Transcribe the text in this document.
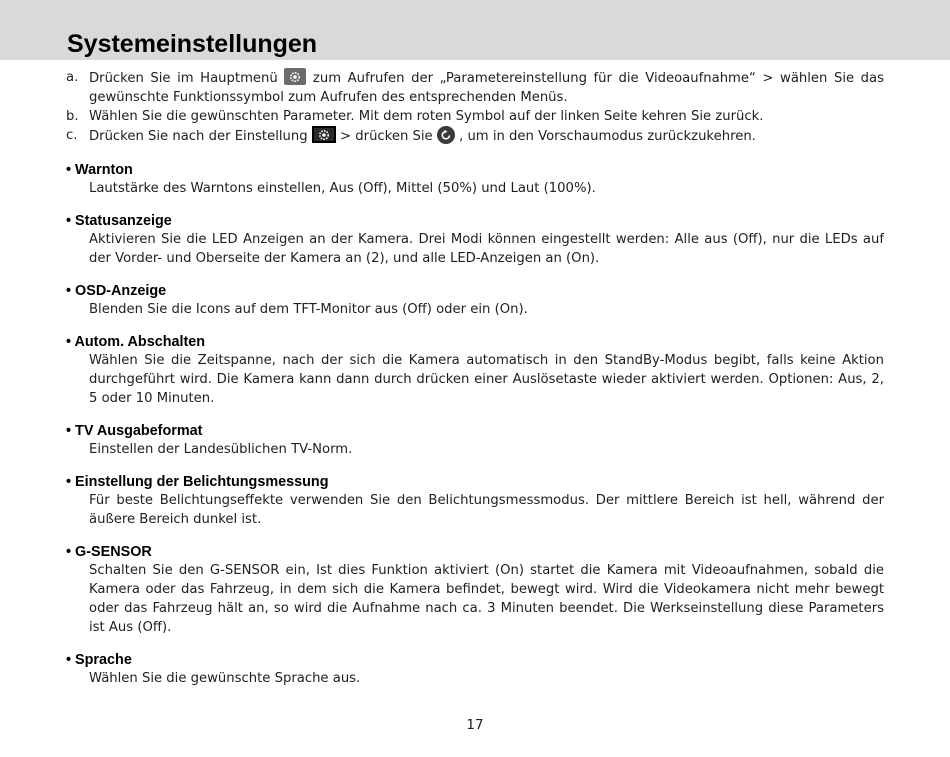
Systemeinstellungen
a. Drücken Sie im Hauptmenü	zum Aufrufen der „Parametereinstellung für die Videoaufnahme“ > wählen Sie das gewünschte Funktionssymbol zum Aufrufen des entsprechenden Menüs.
b. Wählen Sie die gewünschten Parameter. Mit dem roten Symbol auf der linken Seite kehren Sie zurück.
c. Drücken Sie nach der Einstellung > drücken Sie , um in den Vorschaumodus zurückzukehren.
• Warnton

Lautstärke des Warntons einstellen, Aus (Off), Mittel (50%) und Laut (100%).

• Statusanzeige

Aktivieren Sie die LED Anzeigen an der Kamera. Drei Modi können eingestellt werden: Alle aus (Off), nur die LEDs auf der Vorder- und Oberseite der Kamera an (2), und alle LED-Anzeigen an (On).

• OSD-Anzeige

Blenden Sie die Icons auf dem TFT-Monitor aus (Off) oder ein (On).

• Autom. Abschalten

Wählen Sie die Zeitspanne, nach der sich die Kamera automatisch in den StandBy-Modus begibt, falls keine Aktion durchgeführt wird. Die Kamera kann dann durch drücken einer Auslösetaste wieder aktiviert werden. Optionen: Aus, 2, 5 oder 10 Minuten.

• TV Ausgabeformat

Einstellen der Landesüblichen TV-Norm.

• Einstellung der Belichtungsmessung

Für beste Belichtungseffekte verwenden Sie den Belichtungsmessmodus. Der mittlere Bereich ist hell, während der äußere Bereich dunkel ist.

• G-SENSOR

Schalten Sie den G-SENSOR ein, Ist dies Funktion aktiviert (On) startet die Kamera mit Videoaufnahmen, sobald die Kamera oder das Fahrzeug, in dem sich die Kamera befindet, bewegt wird. Wird die Videokamera nicht mehr bewegt oder das Fahrzeug hält an, so wird die Aufnahme nach ca. 3 Minuten beendet. Die Werkseinstellung diese Parameters ist Aus (Off).

• Sprache

Wählen Sie die gewünschte Sprache aus.

17
